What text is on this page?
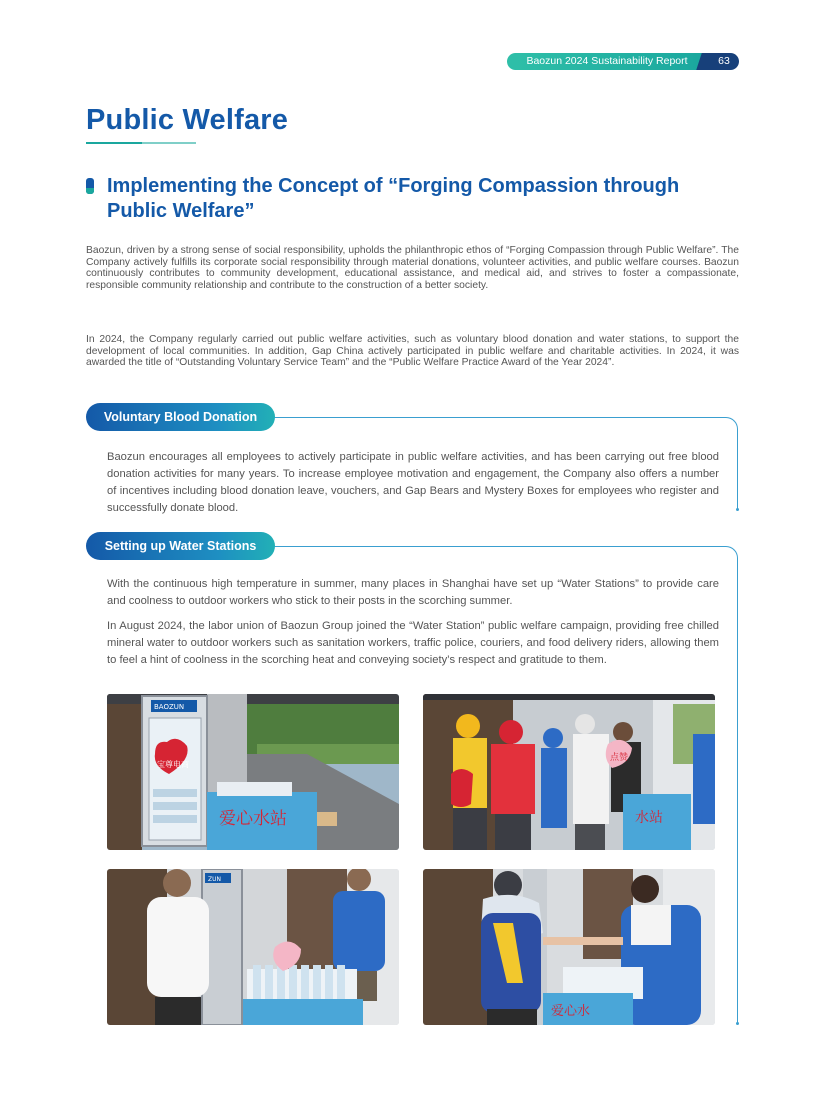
Baozun 2024 Sustainability Report	63
Public Welfare
Implementing the Concept of “Forging Compassion through Public Welfare”
Baozun, driven by a strong sense of social responsibility, upholds the philanthropic ethos of “Forging Compassion through Public Welfare”. The Company actively fulfills its corporate social responsibility through material donations, volunteer activities, and public welfare courses. Baozun continuously contributes to community development, educational assistance, and medical aid, and strives to foster a compassionate, responsible community relationship and contribute to the construction of a better society.
In 2024, the Company regularly carried out public welfare activities, such as voluntary blood donation and water stations, to support the development of local communities. In addition, Gap China actively participated in public welfare and charitable activities. In 2024, it was awarded the title of “Outstanding Voluntary Service Team” and the “Public Welfare Practice Award of the Year 2024”.
Voluntary Blood Donation
Baozun encourages all employees to actively participate in public welfare activities, and has been carrying out free blood donation activities for many years. To increase employee motivation and engagement, the Company also offers a number of incentives including blood donation leave, vouchers, and Gap Bears and Mystery Boxes for employees who register and successfully donate blood.
Setting up Water Stations
With the continuous high temperature in summer, many places in Shanghai have set up “Water Stations” to provide care and coolness to outdoor workers who stick to their posts in the scorching summer.
In August 2024, the labor union of Baozun Group joined the “Water Station” public welfare campaign, providing free chilled mineral water to outdoor workers such as sanitation workers, traffic police, couriers, and food delivery riders, allowing them to feel a hint of coolness in the scorching heat and conveying society’s respect and gratitude to them.
BAOZUN
宝尊电商
爱心水站
点赞
水站
ZUN
爱心水
